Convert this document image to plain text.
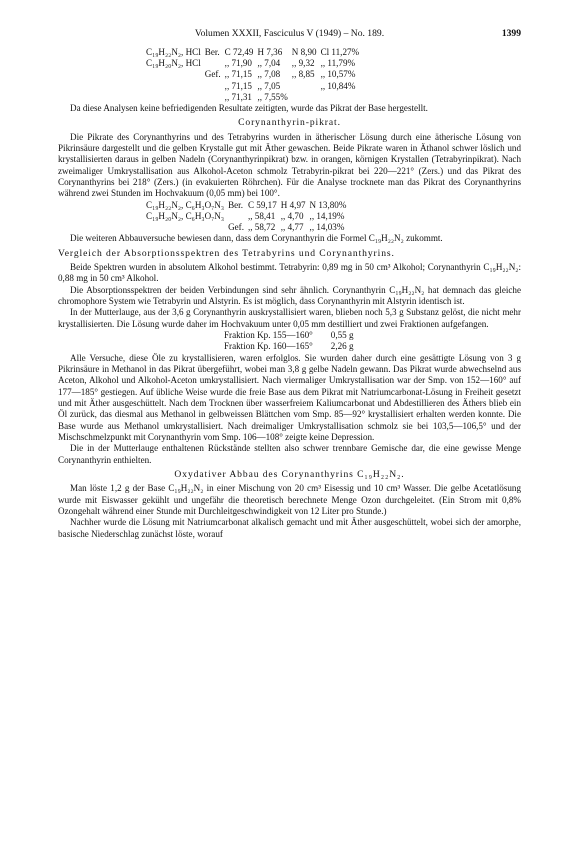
Volumen XXXII, Fasciculus V (1949) – No. 189.	1399
C₁₉H₂₂N₂, HCl	Ber.	C 72,49	H 7,36	N 8,90	Cl 11,27%
C₁₉H₂₀N₂, HCl		,, 71,90	,, 7,04	,, 9,32	,, 11,79%
	Gef.	,, 71,15	,, 7,08	,, 8,85	,, 10,57%
		,, 71,15	,, 7,05		,, 10,84%
		,, 71,31	,, 7,55%		

Da diese Analysen keine befriedigenden Resultate zeitigten, wurde das Pikrat der Base hergestellt.

Corynanthyrin-pikrat.

Die Pikrate des Corynanthyrins und des Tetrabyrins wurden in ätherischer Lösung durch eine ätherische Lösung von Pikrinsäure dargestellt und die gelben Krystalle gut mit Äther gewaschen. Beide Pikrate waren in Äthanol schwer löslich und krystallisierten daraus in gelben Nadeln (Corynanthyrinpikrat) bzw. in orangen, körnigen Krystallen (Tetrabyrinpikrat). Nach zweimaliger Umkrystallisation aus Alkohol-Aceton schmolz Tetrabyrin-pikrat bei 220—221° (Zers.) und das Pikrat des Corynanthyrins bei 218° (Zers.) (in evakuierten Röhrchen). Für die Analyse trocknete man das Pikrat des Corynanthyrins während zwei Stunden im Hochvakuum (0,05 mm) bei 100°.

C₁₉H₂₂N₂, C₆H₃O₇N₃	Ber.	C 59,17	H 4,97	N 13,80%
C₁₉H₂₀N₂, C₆H₃O₇N₃		,, 58,41	,, 4,70	,, 14,19%
	Gef.	,, 58,72	,, 4,77	,, 14,03%

Die weiteren Abbauversuche bewiesen dann, dass dem Corynanthyrin die Formel C₁₉H₂₂N₂ zukommt.

Vergleich der Absorptionsspektren des Tetrabyrins und Corynanthyrins.

Beide Spektren wurden in absolutem Alkohol bestimmt. Tetrabyrin: 0,89 mg in 50 cm³ Alkohol; Corynanthyrin C₁₉H₂₂N₂: 0,88 mg in 50 cm³ Alkohol.

Die Absorptionsspektren der beiden Verbindungen sind sehr ähnlich. Corynanthyrin C₁₉H₂₂N₂ hat demnach das gleiche chromophore System wie Tetrabyrin und Alstyrin. Es ist möglich, dass Corynanthyrin mit Alstyrin identisch ist.

In der Mutterlauge, aus der 3,6 g Corynanthyrin auskrystallisiert waren, blieben noch 5,3 g Substanz gelöst, die nicht mehr krystallisierten. Die Lösung wurde daher im Hochvakuum unter 0,05 mm destilliert und zwei Fraktionen aufgefangen.

Fraktion Kp. 155—160°	0,55 g
Fraktion Kp. 160—165°	2,26 g

Alle Versuche, diese Öle zu krystallisieren, waren erfolglos. Sie wurden daher durch eine gesättigte Lösung von 3 g Pikrinsäure in Methanol in das Pikrat übergeführt, wobei man 3,8 g gelbe Nadeln gewann. Das Pikrat wurde abwechselnd aus Aceton, Alkohol und Alkohol-Aceton umkrystallisiert. Nach viermaliger Umkrystallisation war der Smp. von 152—160° auf 177—185° gestiegen. Auf übliche Weise wurde die freie Base aus dem Pikrat mit Natriumcarbonat-Lösung in Freiheit gesetzt und mit Äther ausgeschüttelt. Nach dem Trocknen über wasserfreiem Kaliumcarbonat und Abdestillieren des Äthers blieb ein Öl zurück, das diesmal aus Methanol in gelbweissen Blättchen vom Smp. 85—92° krystallisiert erhalten werden konnte. Die Base wurde aus Methanol umkrystallisiert. Nach dreimaliger Umkrystallisation schmolz sie bei 103,5—106,5° und der Mischschmelzpunkt mit Corynanthyrin vom Smp. 106—108° zeigte keine Depression.

Die in der Mutterlauge enthaltenen Rückstände stellten also schwer trennbare Gemische dar, die eine gewisse Menge Corynanthyrin enthielten.

Oxydativer Abbau des Corynanthyrins C₁₉H₂₂N₂.

Man löste 1,2 g der Base C₁₉H₂₂N₂ in einer Mischung von 20 cm³ Eisessig und 10 cm³ Wasser. Die gelbe Acetatlösung wurde mit Eiswasser gekühlt und ungefähr die theoretisch berechnete Menge Ozon durchgeleitet. (Ein Strom mit 0,8% Ozongehalt während einer Stunde mit Durchleitgeschwindigkeit von 12 Liter pro Stunde.)

Nachher wurde die Lösung mit Natriumcarbonat alkalisch gemacht und mit Äther ausgeschüttelt, wobei sich der amorphe, basische Niederschlag zunächst löste, worauf
